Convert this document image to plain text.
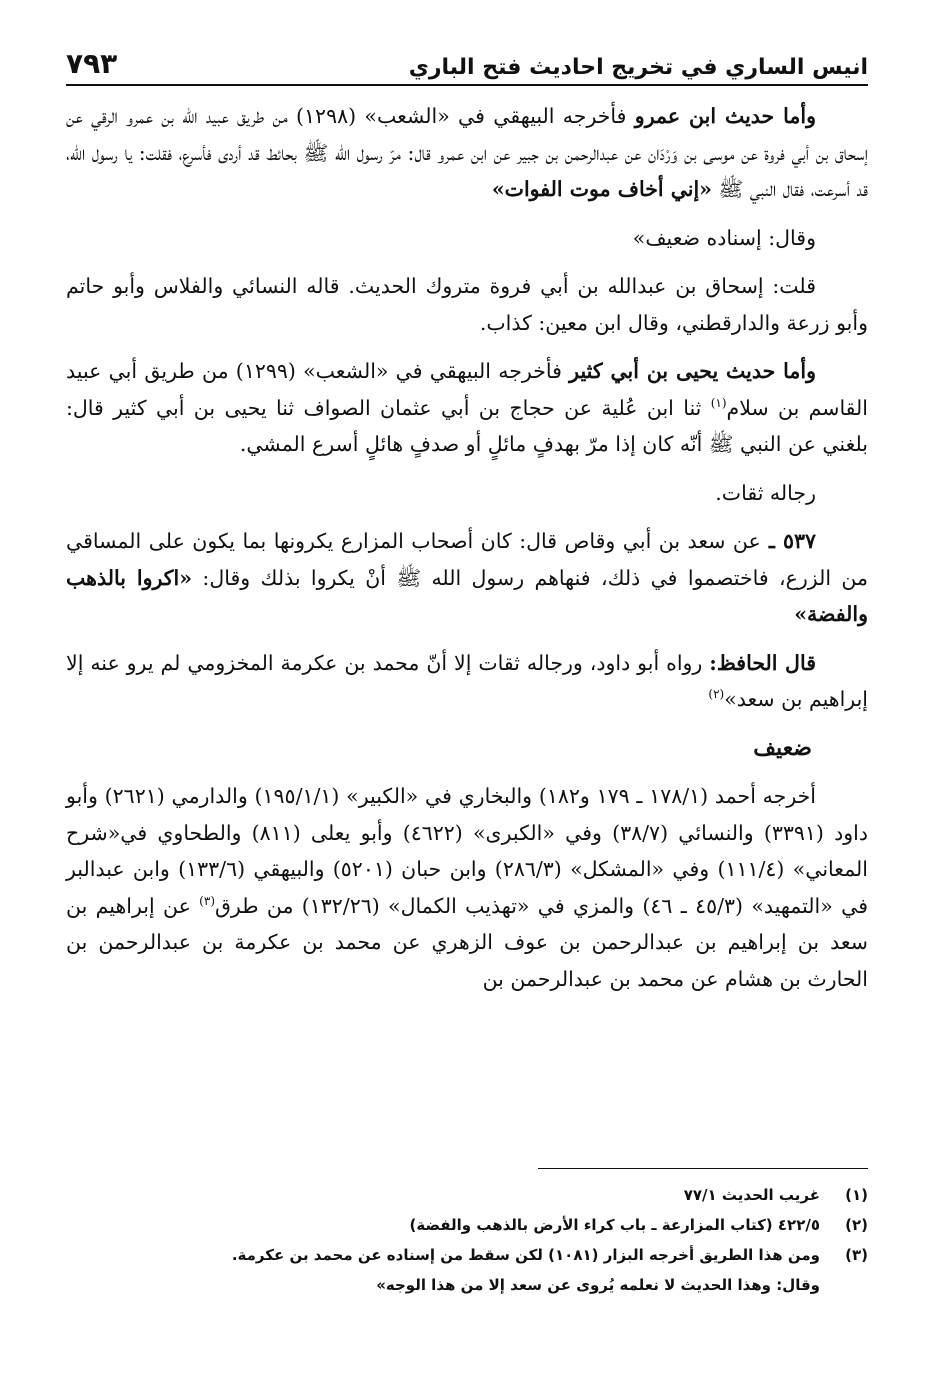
انيس الساري في تخريج احاديث فتح الباري
٧٩٣

وأما حديث ابن عمرو فأخرجه البيهقي في «الشعب» (١٢٩٨) من طريق عبيد الله بن عمرو الرقي عن إسحاق بن أبي فروة عن موسى بن وَرْدَان عن عبدالرحمن بن جبير عن ابن عمرو قال: مرّ رسول الله ﷺ بحائط قد أردى فأسرع، فقلت: يا رسول الله، قد أسرعت، فقال النبي ﷺ «إني أخاف موت الفوات»

وقال: إسناده ضعيف»

قلت: إسحاق بن عبدالله بن أبي فروة متروك الحديث. قاله النسائي والفلاس وأبو حاتم وأبو زرعة والدارقطني، وقال ابن معين: كذاب.

وأما حديث يحيى بن أبي كثير فأخرجه البيهقي في «الشعب» (١٢٩٩) من طريق أبي عبيد القاسم بن سلام$^{(١)}$ ثنا ابن عُلية عن حجاج بن أبي عثمان الصواف ثنا يحيى بن أبي كثير قال: بلغني عن النبي ﷺ أنّه كان إذا مرّ بهدفٍ مائلٍ أو صدفٍ هائلٍ أسرع المشي.

رجاله ثقات.

٥٣٧ ـ عن سعد بن أبي وقاص قال: كان أصحاب المزارع يكرونها بما يكون على المساقي من الزرع، فاختصموا في ذلك، فنهاهم رسول الله ﷺ أنْ يكروا بذلك وقال: «اكروا بالذهب والفضة»

قال الحافظ: رواه أبو داود، ورجاله ثقات إلا أنّ محمد بن عكرمة المخزومي لم يرو عنه إلا إبراهيم بن سعد»$^{(٢)}$

ضعيف

أخرجه أحمد (١٧٨/١ ـ ١٧٩ و١٨٢) والبخاري في «الكبير» (١٩٥/١/١) والدارمي (٢٦٢١) وأبو داود (٣٣٩١) والنسائي (٣٨/٧) وفي «الكبرى» (٤٦٢٢) وأبو يعلى (٨١١) والطحاوي في«شرح المعاني» (١١١/٤) وفي «المشكل» (٢٨٦/٣) وابن حبان (٥٢٠١) والبيهقي (١٣٣/٦) وابن عبدالبر في «التمهيد» (٤٥/٣ ـ ٤٦) والمزي في «تهذيب الكمال» (١٣٢/٢٦) من طرق$^{(٣)}$ عن إبراهيم بن سعد بن إبراهيم بن عبدالرحمن بن عوف الزهري عن محمد بن عكرمة بن عبدالرحمن بن الحارث بن هشام عن محمد بن عبدالرحمن بن

(١)
غريب الحديث ٧٧/١
(٢)
٤٢٢/٥ (كتاب المزارعة ـ باب كراء الأرض بالذهب والفضة)
(٣)
ومن هذا الطريق أخرجه البزار (١٠٨١) لكن سقط من إسناده عن محمد بن عكرمة.
وقال: وهذا الحديث لا نعلمه يُروى عن سعد إلا من هذا الوجه»
